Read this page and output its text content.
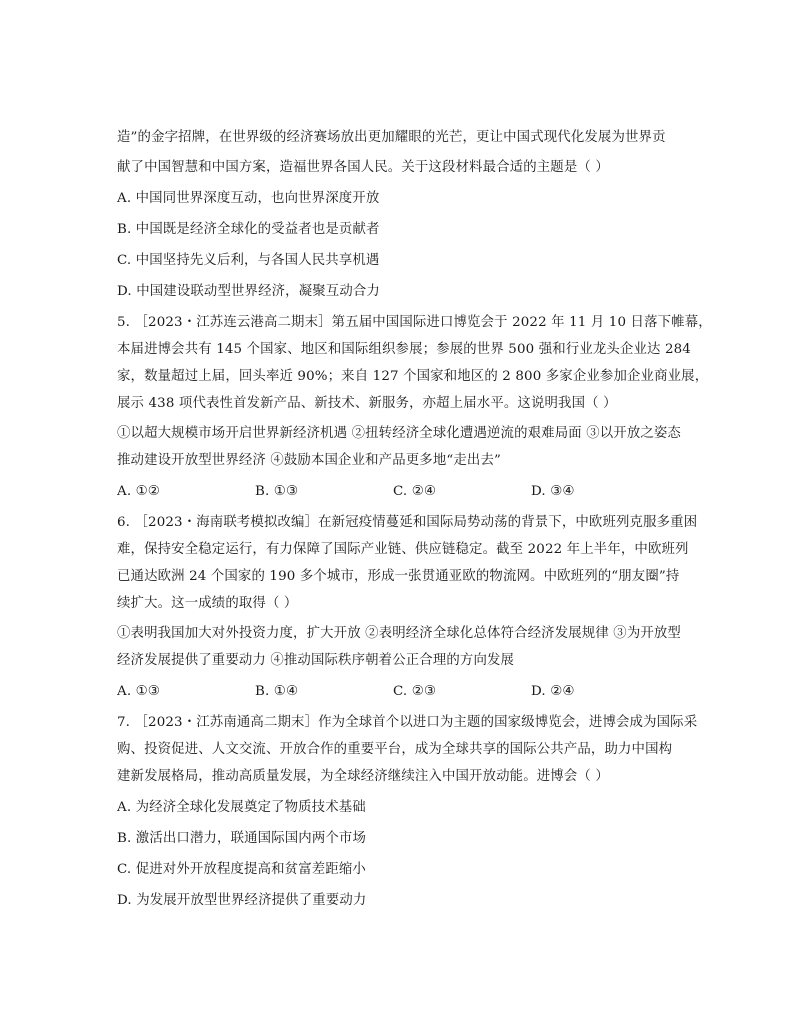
造”的金字招牌，在世界级的经济赛场放出更加耀眼的光芒，更让中国式现代化发展为世界贡
献了中国智慧和中国方案，造福世界各国人民。关于这段材料最合适的主题是（ ）
A. 中国同世界深度互动，也向世界深度开放
B. 中国既是经济全球化的受益者也是贡献者
C. 中国坚持先义后利，与各国人民共享机遇
D. 中国建设联动型世界经济，凝聚互动合力
5. ［2023・江苏连云港高二期末］第五届中国国际进口博览会于 2022 年 11 月 10 日落下帷幕，
本届进博会共有 145 个国家、地区和国际组织参展；参展的世界 500 强和行业龙头企业达 284
家，数量超过上届，回头率近 90%；来自 127 个国家和地区的 2 800 多家企业参加企业商业展，
展示 438 项代表性首发新产品、新技术、新服务，亦超上届水平。这说明我国（ ）
①以超大规模市场开启世界新经济机遇 ②扭转经济全球化遭遇逆流的艰难局面 ③以开放之姿态
推动建设开放型世界经济 ④鼓励本国企业和产品更多地“走出去”
A. ①②	B. ①③	C. ②④	D. ③④
6. ［2023・海南联考模拟改编］在新冠疫情蔓延和国际局势动荡的背景下，中欧班列克服多重困
难，保持安全稳定运行，有力保障了国际产业链、供应链稳定。截至 2022 年上半年，中欧班列
已通达欧洲 24 个国家的 190 多个城市，形成一张贯通亚欧的物流网。中欧班列的“朋友圈”持
续扩大。这一成绩的取得（ ）
①表明我国加大对外投资力度，扩大开放 ②表明经济全球化总体符合经济发展规律 ③为开放型
经济发展提供了重要动力 ④推动国际秩序朝着公正合理的方向发展
A. ①③	B. ①④	C. ②③	D. ②④
7. ［2023・江苏南通高二期末］作为全球首个以进口为主题的国家级博览会，进博会成为国际采
购、投资促进、人文交流、开放合作的重要平台，成为全球共享的国际公共产品，助力中国构
建新发展格局，推动高质量发展，为全球经济继续注入中国开放动能。进博会（ ）
A. 为经济全球化发展奠定了物质技术基础
B. 激活出口潜力，联通国际国内两个市场
C. 促进对外开放程度提高和贫富差距缩小
D. 为发展开放型世界经济提供了重要动力
